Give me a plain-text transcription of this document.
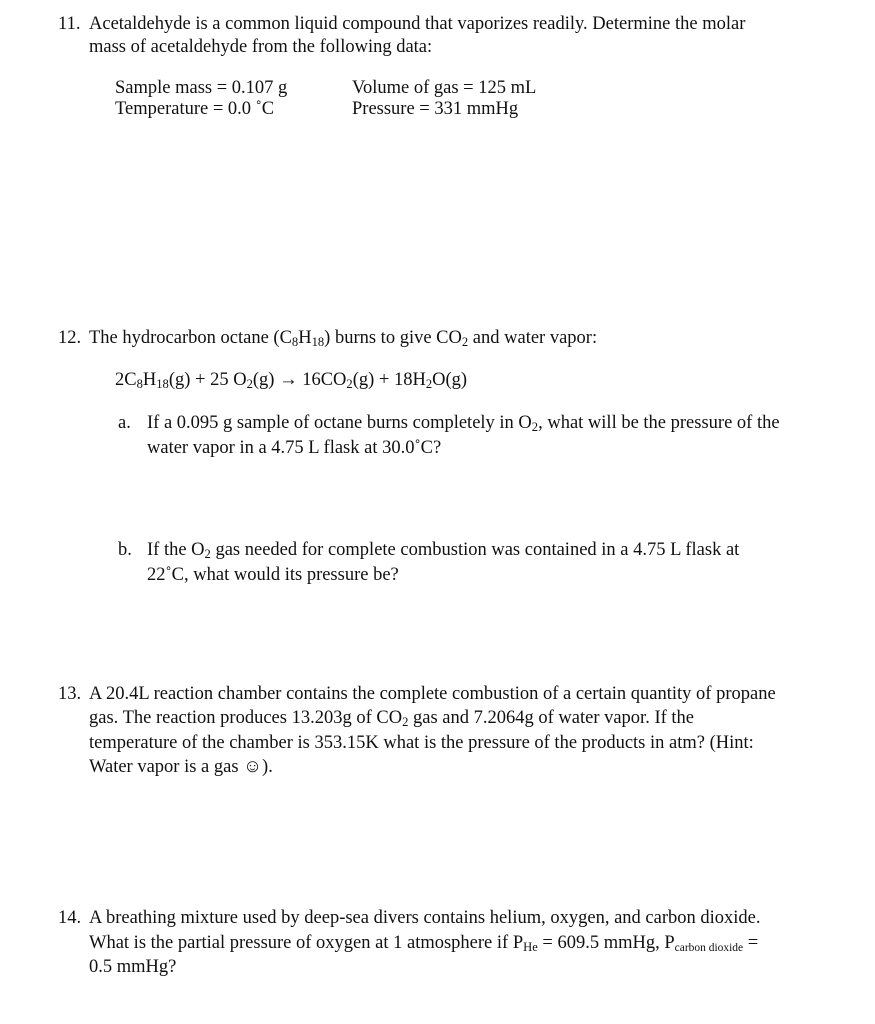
11. Acetaldehyde is a common liquid compound that vaporizes readily. Determine the molar
mass of acetaldehyde from the following data:
Sample mass = 0.107 g
Temperature = 0.0 ˚C
Volume of gas = 125 mL
Pressure = 331 mmHg
12. The hydrocarbon octane $(C_8H_{18})$ burns to give $CO_2$ and water vapor:
$2C_8H_{18}(g) + 25$ $O_2(g) \to 16CO_2(g) + 18H_2O(g)$
a. If a 0.095 g sample of octane burns completely in $O_2$, what will be the pressure of the
water vapor in a 4.75 L flask at 30.0˚C?
b. If the $O_2$ gas needed for complete combustion was contained in a 4.75 L flask at
22˚C, what would its pressure be?
13. A 20.4L reaction chamber contains the complete combustion of a certain quantity of propane
gas. The reaction produces 13.203g of $CO_2$ gas and 7.2064g of water vapor. If the
temperature of the chamber is 353.15K what is the pressure of the products in atm? (Hint:
Water vapor is a gas ☺).
14. A breathing mixture used by deep-sea divers contains helium, oxygen, and carbon dioxide.
What is the partial pressure of oxygen at 1 atmosphere if $P_{He} = 609.5$ mmHg, $P_{carbon dioxide}$ =
0.5 mmHg?
